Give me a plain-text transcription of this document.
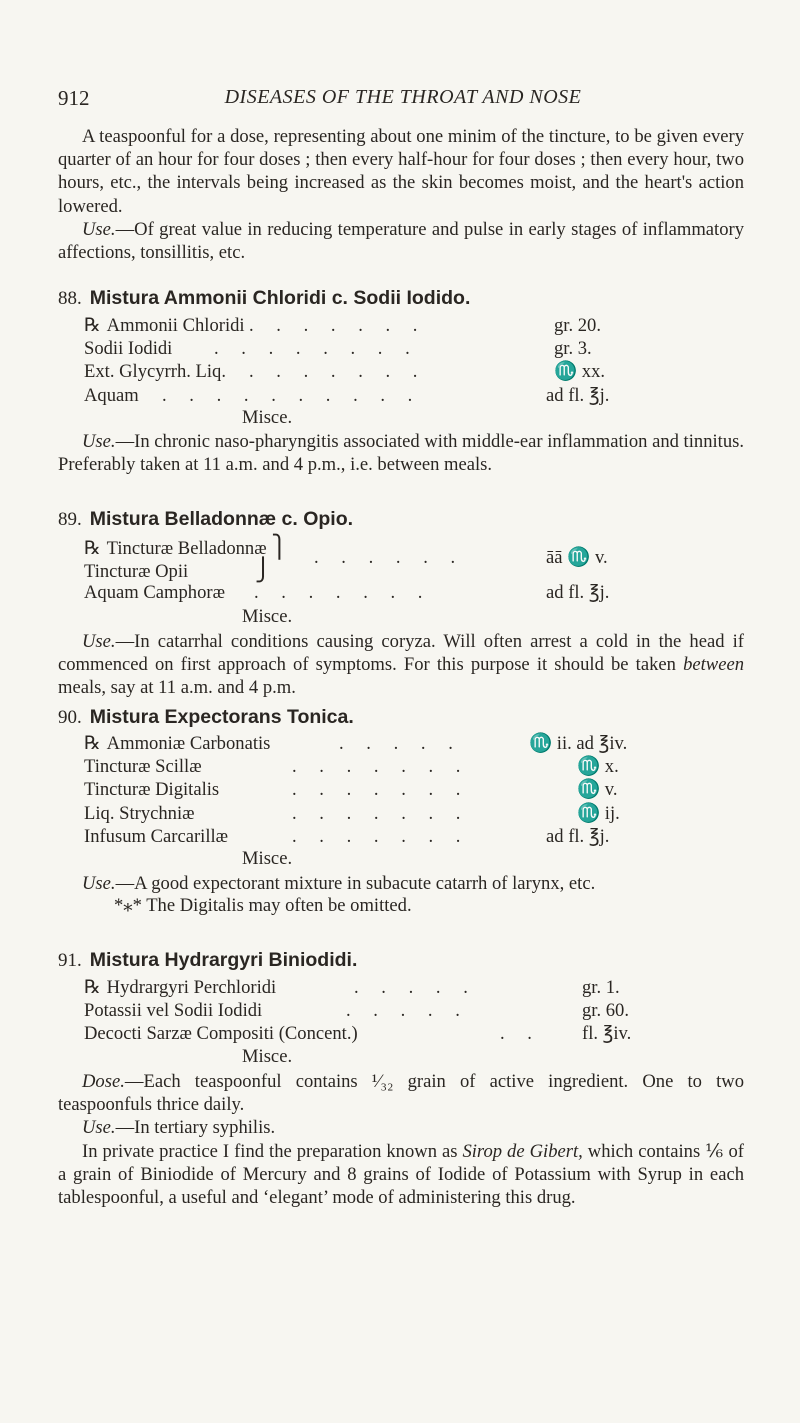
912	DISEASES OF THE THROAT AND NOSE

A teaspoonful for a dose, representing about one minim of the tincture, to be given every quarter of an hour for four doses ; then every half-hour for four doses ; then every hour, two hours, etc., the intervals being increased as the skin becomes moist, and the heart's action lowered.

Use.—Of great value in reducing temperature and pulse in early stages of inflammatory affections, tonsillitis, etc.

88. Mistura Ammonii Chloridi c. Sodii Iodido.
℞ Ammonii Chloridi . . . . . . .	gr. 20.
Sodii Iodidi . . . . . . . .	gr. 3.
Ext. Glycyrrh. Liq. . . . . . . .	♏ xx.
Aquam . . . . . . . . . .	ad fl. ℥j.
Misce.

Use.—In chronic naso-pharyngitis associated with middle-ear inflammation and tinnitus. Preferably taken at 11 a.m. and 4 p.m., i.e. between meals.

89. Mistura Belladonnæ c. Opio.
℞ Tincturæ Belladonnæ ⎫ . . . . . .	āā ♏ v.
Tincturæ Opii	⎭
Aquam Camphoræ . . . . . . .	ad fl. ℥j.
Misce.

Use.—In catarrhal conditions causing coryza. Will often arrest a cold in the head if commenced on first approach of symptoms. For this purpose it should be taken between meals, say at 11 a.m. and 4 p.m.

90. Mistura Expectorans Tonica.
℞ Ammoniæ Carbonatis	. . . . .	♏ ii. ad ℥iv.
Tincturæ Scillæ	. . . . . . .	♏ x.
Tincturæ Digitalis	. . . . . . .	♏ v.
Liq. Strychniæ	. . . . . . .	♏ ij.
Infusum Carcarillæ	. . . . . . .	ad fl. ℥j.
Misce.

Use.—A good expectorant mixture in subacute catarrh of larynx, etc.

*⁎* The Digitalis may often be omitted.
91. Mistura Hydrargyri Biniodidi.
℞ Hydrargyri Perchloridi	. . . . .	gr. 1.
Potassii vel Sodii Iodidi	. . . . .	gr. 60.
Decocti Sarzæ Compositi (Concent.)	. . fl. ℥iv.
Misce.

Dose.—Each teaspoonful contains ¹⁄₃₂ grain of active ingredient. One to two teaspoonfuls thrice daily.

Use.—In tertiary syphilis.

In private practice I find the preparation known as Sirop de Gibert, which contains ⅙ of a grain of Biniodide of Mercury and 8 grains of Iodide of Potassium with Syrup in each tablespoonful, a useful and ‘elegant’ mode of administering this drug.
